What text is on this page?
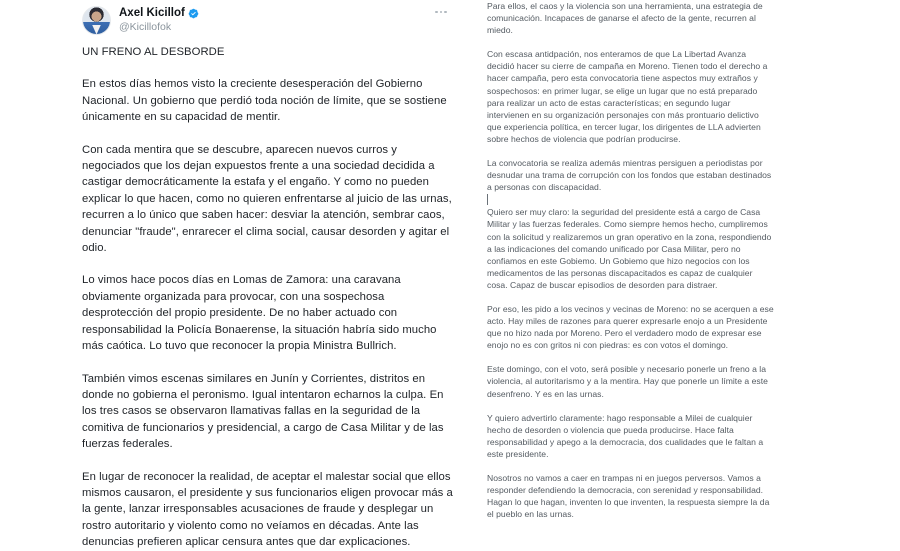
Axel Kicillof
@Kicillofok
UN FRENO AL DESBORDE

En estos días hemos visto la creciente desesperación del Gobierno Nacional. Un gobierno que perdió toda noción de límite, que se sostiene únicamente en su capacidad de mentir.

Con cada mentira que se descubre, aparecen nuevos curros y negociados que los dejan expuestos frente a una sociedad decidida a castigar democráticamente la estafa y el engaño. Y como no pueden explicar lo que hacen, como no quieren enfrentarse al juicio de las urnas, recurren a lo único que saben hacer: desviar la atención, sembrar caos, denunciar "fraude", enrarecer el clima social, causar desorden y agitar el odio.

Lo vimos hace pocos días en Lomas de Zamora: una caravana obviamente organizada para provocar, con una sospechosa desprotección del propio presidente. De no haber actuado con responsabilidad la Policía Bonaerense, la situación habría sido mucho más caótica. Lo tuvo que reconocer la propia Ministra Bullrich.

También vimos escenas similares en Junín y Corrientes, distritos en donde no gobierna el peronismo. Igual intentaron echarnos la culpa. En los tres casos se observaron llamativas fallas en la seguridad de la comitiva de funcionarios y presidencial, a cargo de Casa Militar y de las fuerzas federales.

En lugar de reconocer la realidad, de aceptar el malestar social que ellos mismos causaron, el presidente y sus funcionarios eligen provocar más a la gente, lanzar irresponsables acusaciones de fraude y desplegar un rostro autoritario y violento como no veíamos en décadas. Ante las denuncias prefieren aplicar censura antes que dar explicaciones.

Para ellos, el caos y la violencia son una herramienta, una estrategia de comunicación. Incapaces de ganarse el afecto de la gente, recurren al miedo.

Con escasa antidpación, nos enteramos de que La Libertad Avanza decidió hacer su cierre de campaña en Moreno. Tienen todo el derecho a hacer campaña, pero esta convocatoria tiene aspectos muy extraños y sospechosos: en primer lugar, se elige un lugar que no está preparado para realizar un acto de estas características; en segundo lugar intervienen en su organización personajes con más prontuario delictivo que experiencia política, en tercer lugar, los dirigentes de LLA advierten sobre hechos de violencia que podrían producirse.

La convocatoria se realiza además mientras persiguen a periodistas por desnudar una trama de corrupción con los fondos que estaban destinados a personas con discapacidad.

Quiero ser muy claro: la seguridad del presidente está a cargo de Casa Militar y las fuerzas federales. Como siempre hemos hecho, cumpliremos con la solicitud y realizaremos un gran operativo en la zona, respondiendo a las indicaciones del comando unificado por Casa Militar, pero no confiamos en este Gobiemo. Un Gobiemo que hizo negocios con los medicamentos de las personas discapacitados es capaz de cualquier cosa. Capaz de buscar episodios de desorden para distraer.

Por eso, les pido a los vecinos y vecinas de Moreno: no se acerquen a ese acto. Hay miles de razones para querer expresarle enojo a un Presidente que no hizo nada por Moreno. Pero el verdadero modo de expresar ese enojo no es con gritos ni con piedras: es con votos el domingo.

Este domingo, con el voto, será posible y necesario ponerle un freno a la violencia, al autoritarismo y a la mentira. Hay que ponerle un límite a este desenfreno. Y es en las urnas.

Y quiero advertirlo claramente: hago responsable a Milei de cualquier hecho de desorden o violencia que pueda producirse. Hace falta responsabilidad y apego a la democracia, dos cualidades que le faltan a este presidente.

Nosotros no vamos a caer en trampas ni en juegos perversos. Vamos a responder defendiendo la democracia, con serenidad y responsabilidad. Hagan lo que hagan, inventen lo que inventen, la respuesta siempre la da el pueblo en las urnas.
